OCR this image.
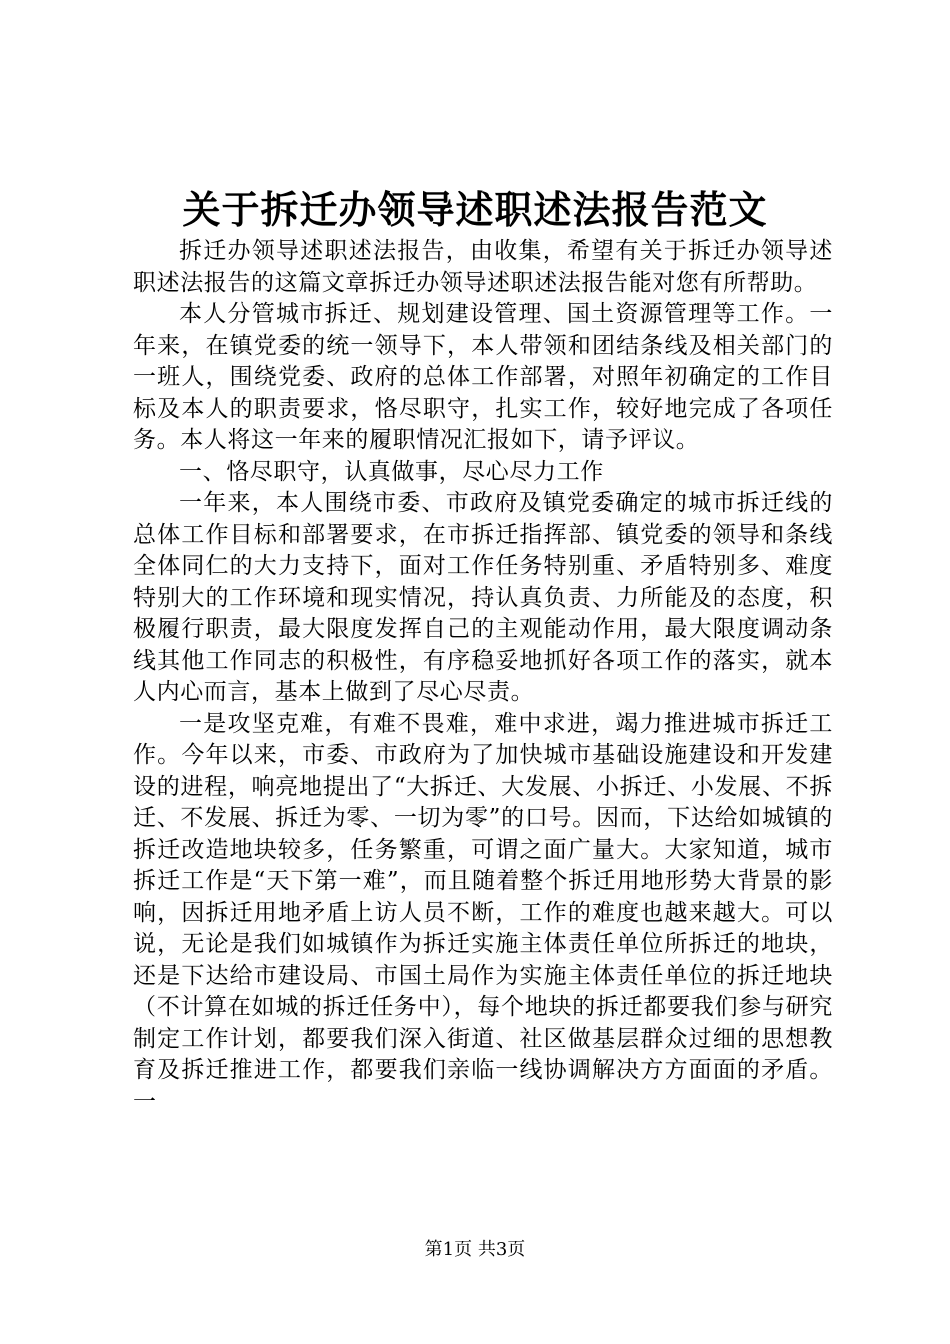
关于拆迁办领导述职述法报告范文

拆迁办领导述职述法报告，由收集，希望有关于拆迁办领导述职述法报告的这篇文章拆迁办领导述职述法报告能对您有所帮助。

本人分管城市拆迁、规划建设管理、国土资源管理等工作。一年来，在镇党委的统一领导下，本人带领和团结条线及相关部门的一班人，围绕党委、政府的总体工作部署，对照年初确定的工作目标及本人的职责要求，恪尽职守，扎实工作，较好地完成了各项任务。本人将这一年来的履职情况汇报如下，请予评议。

一、恪尽职守，认真做事，尽心尽力工作

一年来，本人围绕市委、市政府及镇党委确定的城市拆迁线的总体工作目标和部署要求，在市拆迁指挥部、镇党委的领导和条线全体同仁的大力支持下，面对工作任务特别重、矛盾特别多、难度特别大的工作环境和现实情况，持认真负责、力所能及的态度，积极履行职责，最大限度发挥自己的主观能动作用，最大限度调动条线其他工作同志的积极性，有序稳妥地抓好各项工作的落实，就本人内心而言，基本上做到了尽心尽责。

一是攻坚克难，有难不畏难，难中求进，竭力推进城市拆迁工作。今年以来，市委、市政府为了加快城市基础设施建设和开发建设的进程，响亮地提出了“大拆迁、大发展、小拆迁、小发展、不拆迁、不发展、拆迁为零、一切为零”的口号。因而，下达给如城镇的拆迁改造地块较多，任务繁重，可谓之面广量大。大家知道，城市拆迁工作是“天下第一难”，而且随着整个拆迁用地形势大背景的影响，因拆迁用地矛盾上访人员不断，工作的难度也越来越大。可以说，无论是我们如城镇作为拆迁实施主体责任单位所拆迁的地块，还是下达给市建设局、市国土局作为实施主体责任单位的拆迁地块（不计算在如城的拆迁任务中），每个地块的拆迁都要我们参与研究制定工作计划，都要我们深入街道、社区做基层群众过细的思想教育及拆迁推进工作，都要我们亲临一线协调解决方方面面的矛盾。一

第1页 共3页
